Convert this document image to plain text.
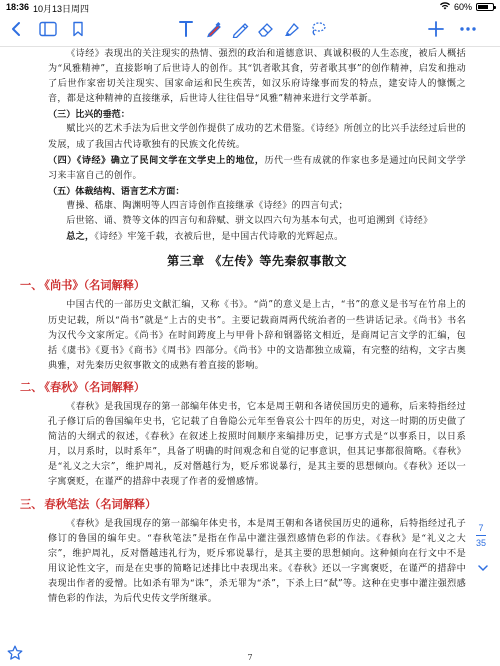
18:36 10月13日周四	60%

《诗经》表现出的关注现实的热情、强烈的政治和道德意识、真诚积极的人生态度，被后人概括为“风雅精神”，直接影响了后世诗人的创作。其“饥者歌其食，劳者歌其事”的创作精神，启发和推动了后世作家密切关注现实、国家命运和民生疾苦，如汉乐府诗缘事而发的特点，建安诗人的慷慨之音，都是这种精神的直接继承，后世诗人往往倡导“风雅”精神来进行文学革新。

（三）比兴的垂范：

赋比兴的艺术手法为后世文学创作提供了成功的艺术借鉴。《诗经》所创立的比兴手法经过后世的发展，成了我国古代诗歌独有的民族文化传统。

（四）《诗经》确立了民间文学在文学史上的地位，历代一些有成就的作家也多是通过向民间文学学习来丰富自己的创作。

（五）体裁结构、语言艺术方面：

曹操、嵇康、陶渊明等人四言诗创作直接继承《诗经》的四言句式；

后世铭、诵、赞等文体的四言句和辞赋、骈文以四六句为基本句式，也可追溯到《诗经》

总之，《诗经》牢笼千载，衣被后世，是中国古代诗歌的光辉起点。

第三章 《左传》等先秦叙事散文
一、 《尚书》（名词解释）

中国古代的一部历史文献汇编，又称《书》。“尚”的意义是上古，“书”的意义是书写在竹帛上的历史记载，所以“尚书”就是“上古的史书”。主要记载商周两代统治者的一些讲话记录。《尚书》书名为汉代今文家所定。《尚书》在时间跨度上与甲骨卜辞和钢器铭文相近，是商周记言文学的汇编，包括《虞书》《夏书》《商书》《周书》四部分。《尚书》中的文诰都独立成篇，有完整的结构，文字古奥典雅，对先秦历史叙事散文的成熟有着直接的影响。

二、 《春秋》（名词解释）

《春秋》是我国现存的第一部编年体史书，它本是周王朝和各诸侯国历史的通称，后来特指经过孔子修订后的鲁国编年史书，它记载了自鲁隐公元年至鲁哀公十四年的历史，对这一时期的历史做了简洁的大纲式的叙述，《春秋》在叙述上按照时间顺序来编排历史，记事方式是“以事系日，以日系月，以月系时，以时系年”，具备了明确的时间观念和自觉的记事意识，但其记事都很简略。《春秋》是“礼义之大宗”，维护周礼，反对僭越行为，贬斥邪说暴行，是其主要的思想倾向。《春秋》还以一字寓褒贬，在谨严的措辞中表现了作者的爱憎感情。

三、 春秋笔法（名词解释）

《春秋》是我国现存的第一部编年体史书，本是周王朝和各诸侯国历史的通称，后特指经过孔子修订的鲁国的编年史。“春秋笔法”是指在作品中灌注强烈感情色彩的作法。《春秋》是“礼义之大宗”，维护周礼，反对僭越违礼行为，贬斥邪说暴行，是其主要的思想倾向。这种倾向在行文中不是用议论性文字，而是在史事的简略记述排比中表现出来。《春秋》还以一字寓褒贬，在谨严的措辞中表现出作者的爱憎。比如杀有罪为“诛”，杀无罪为“杀”，下杀上曰“弑”等。这种在史事中灌注强烈感情色彩的作法，为后代史传文学所继承。

7
7
35
